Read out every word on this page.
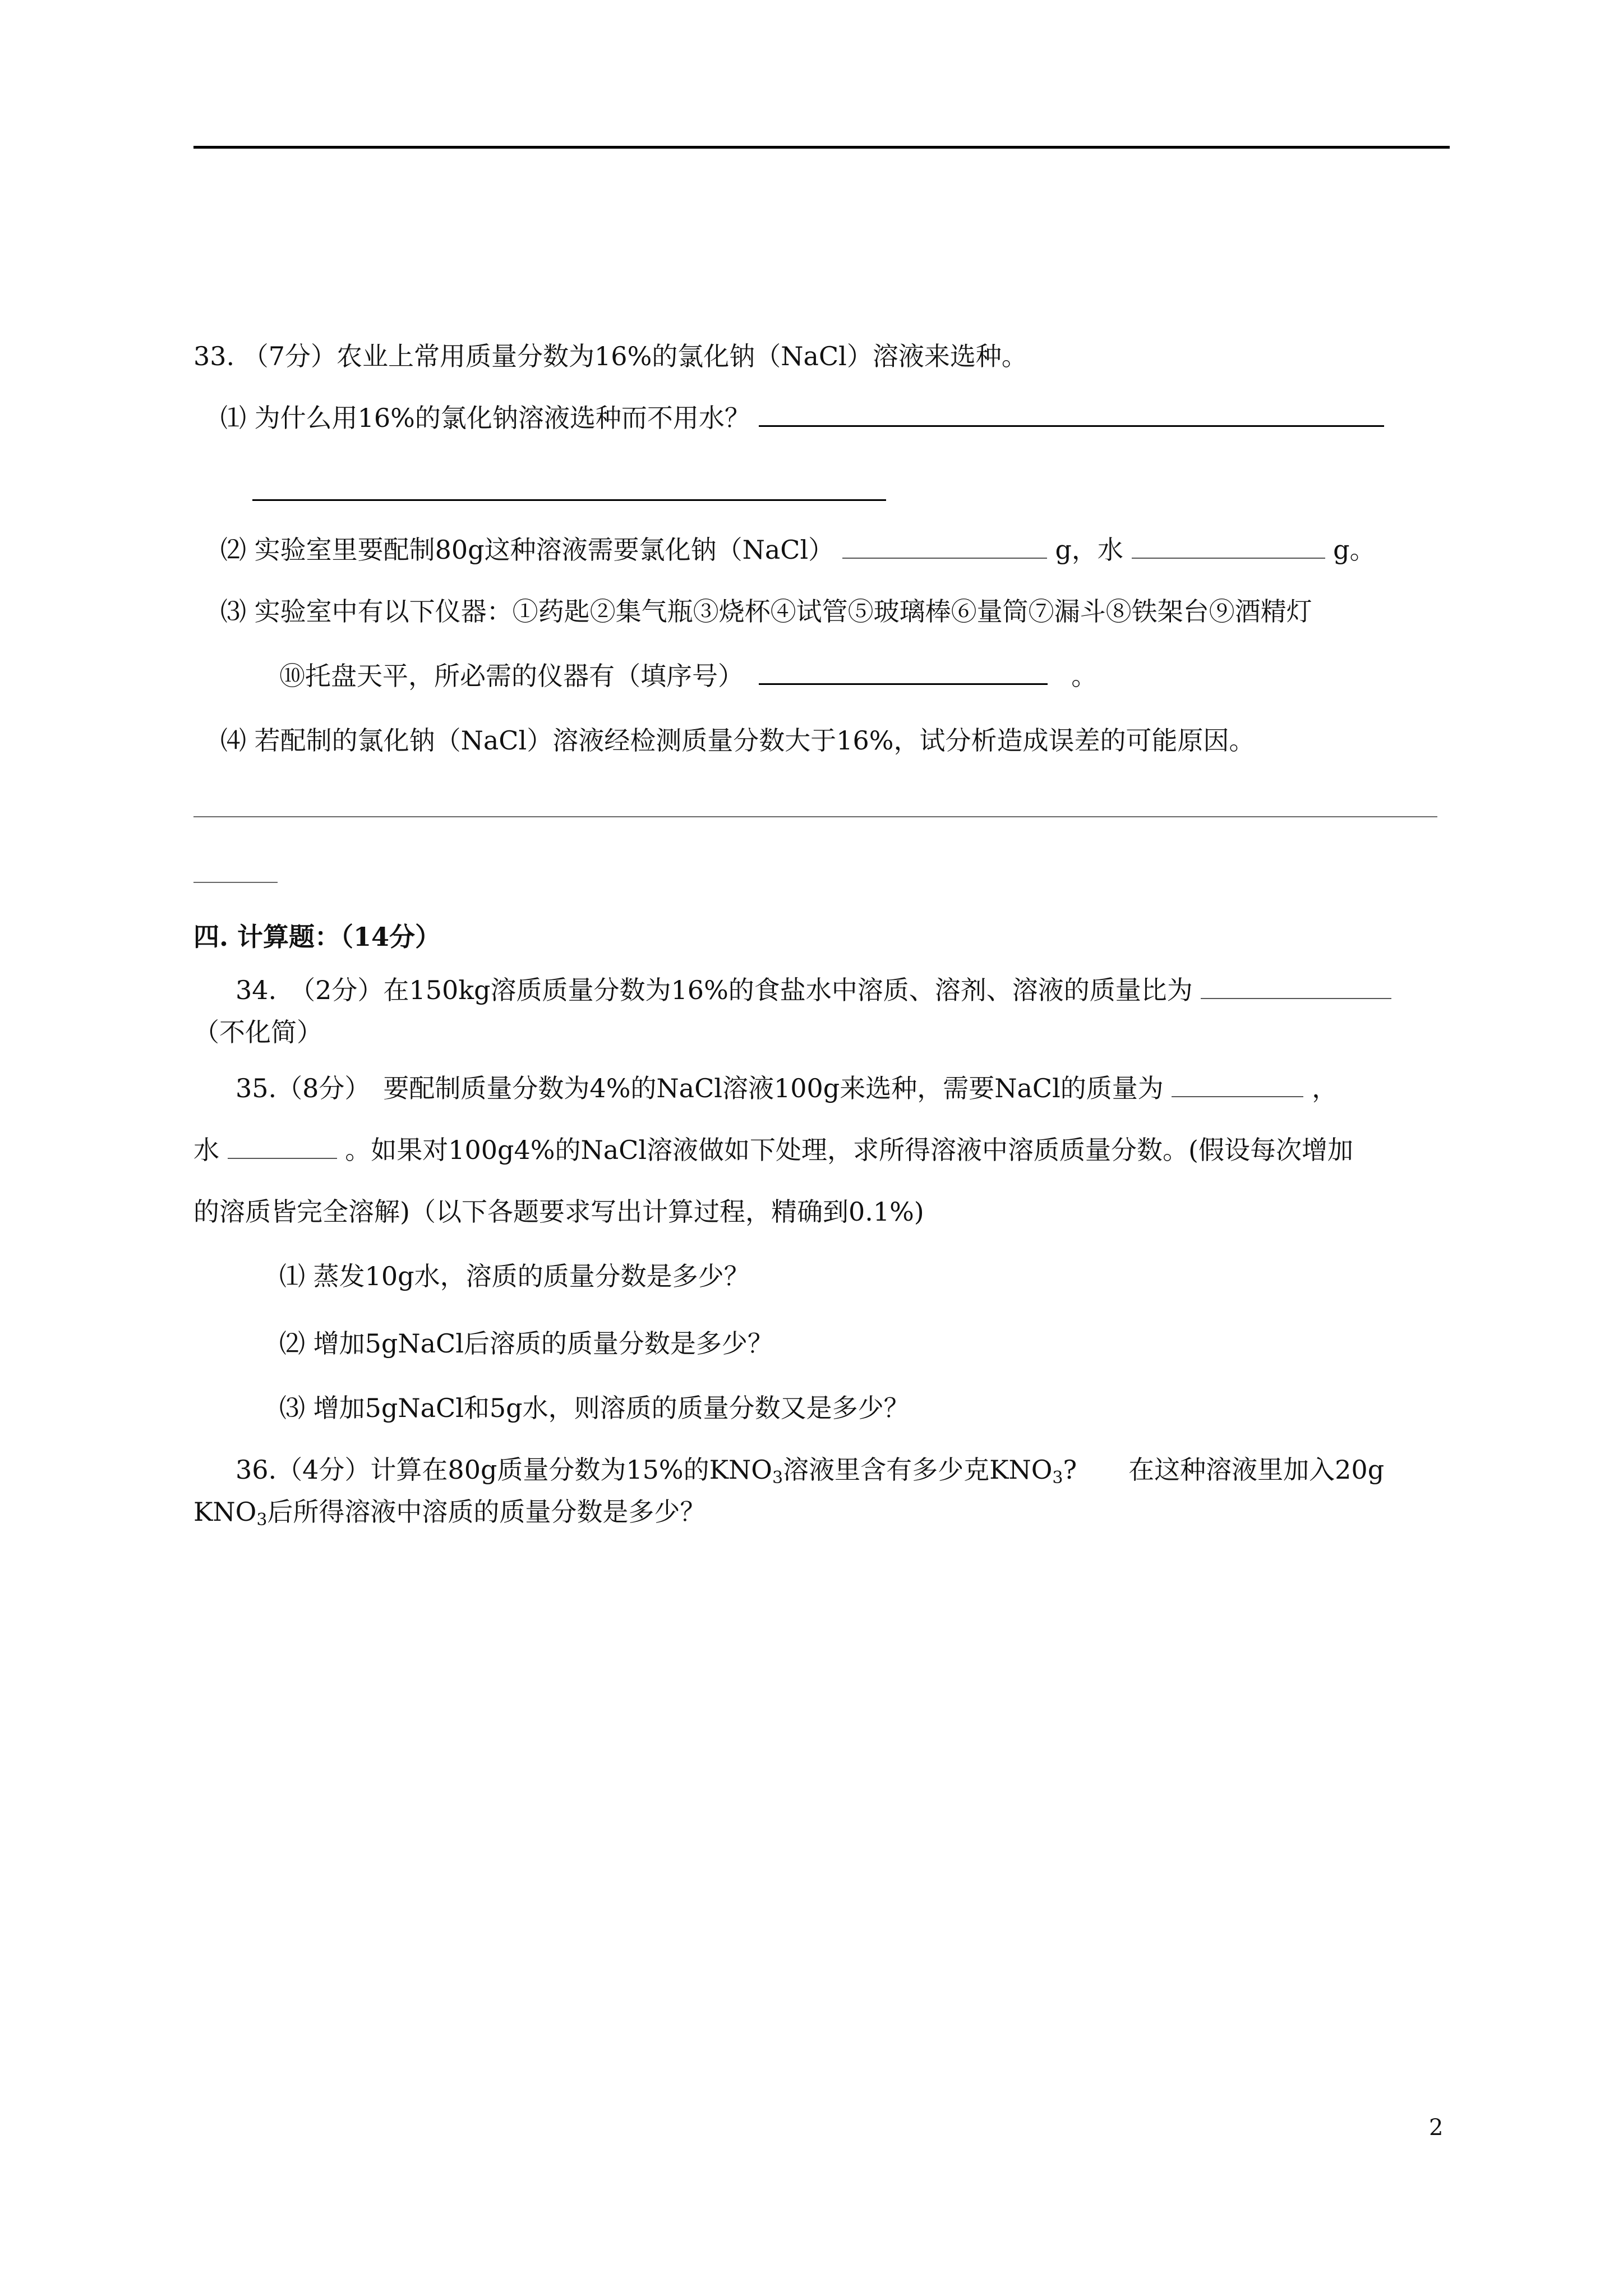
33. （7分）农业上常用质量分数为16%的氯化钠（NaCl）溶液来选种。
⑴ 为什么用16%的氯化钠溶液选种而不用水？
⑵ 实验室里要配制80g这种溶液需要氯化钠（NaCl）	g，水	g。
⑶ 实验室中有以下仪器：①药匙②集气瓶③烧杯④试管⑤玻璃棒⑥量筒⑦漏斗⑧铁架台⑨酒精灯
⑩托盘天平，所必需的仪器有（填序号）	。
⑷ 若配制的氯化钠（NaCl）溶液经检测质量分数大于16%，试分析造成误差的可能原因。
四. 计算题：（14分）
34.　（2分）在150kg溶质质量分数为16%的食盐水中溶质、溶剂、溶液的质量比为
（不化简）
35.（8分）　要配制质量分数为4%的NaCl溶液100g来选种，需要NaCl的质量为	，
水	。如果对100g4%的NaCl溶液做如下处理，求所得溶液中溶质质量分数。(假设每次增加
的溶质皆完全溶解)（以下各题要求写出计算过程，精确到0.1%)
⑴ 蒸发10g水，溶质的质量分数是多少？
⑵ 增加5gNaCl后溶质的质量分数是多少？
⑶ 增加5gNaCl和5g水，则溶质的质量分数又是多少？
36.（4分）计算在80g质量分数为15%的$KNO_3$溶液里含有多少克$KNO_3$?　　在这种溶液里加入20g
$KNO_3$后所得溶液中溶质的质量分数是多少？
2
